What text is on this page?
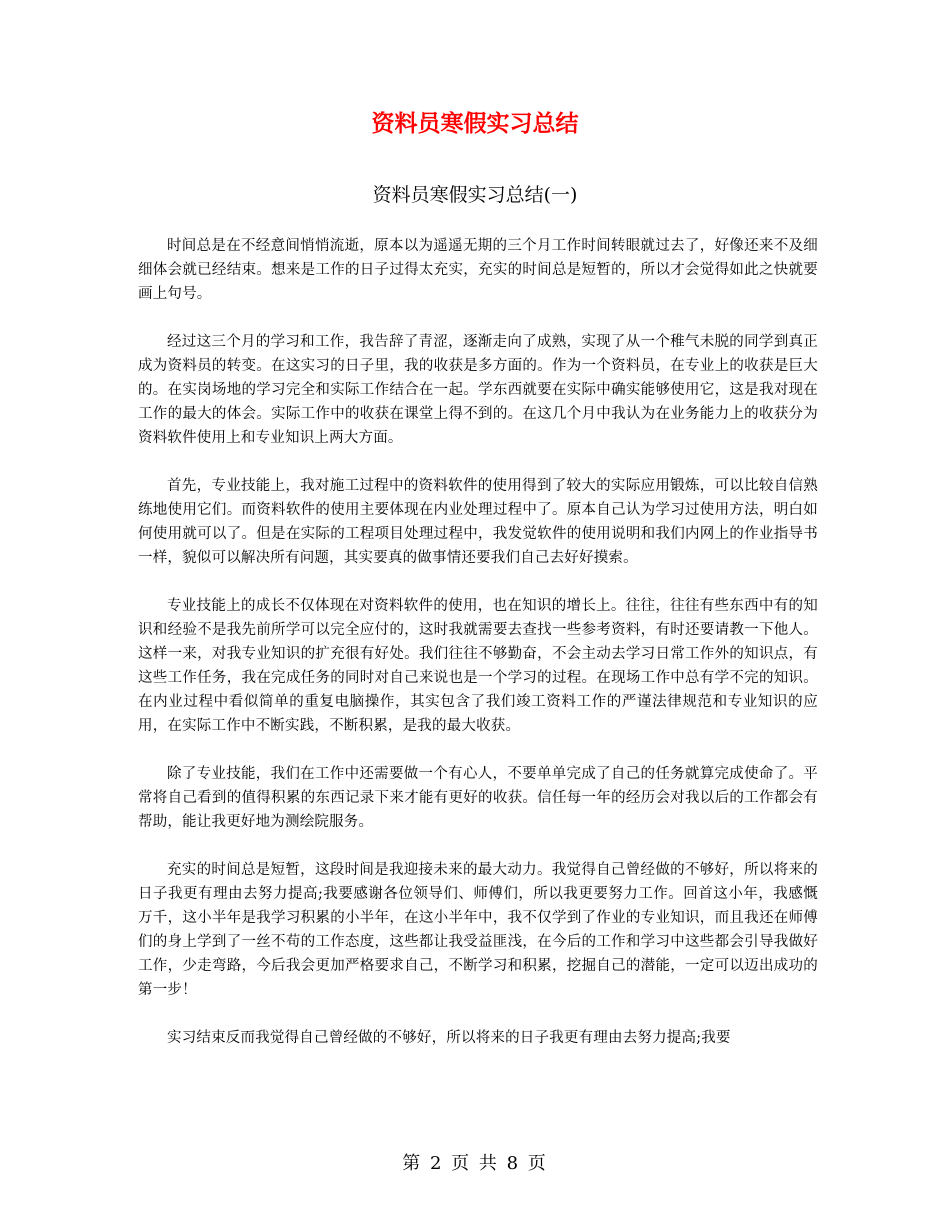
资料员寒假实习总结
资料员寒假实习总结(一)

时间总是在不经意间悄悄流逝，原本以为遥遥无期的三个月工作时间转眼就过去了，好像还来不及细细体会就已经结束。想来是工作的日子过得太充实，充实的时间总是短暂的，所以才会觉得如此之快就要画上句号。

经过这三个月的学习和工作，我告辞了青涩，逐渐走向了成熟，实现了从一个稚气未脱的同学到真正成为资料员的转变。在这实习的日子里，我的收获是多方面的。作为一个资料员，在专业上的收获是巨大的。在实岗场地的学习完全和实际工作结合在一起。学东西就要在实际中确实能够使用它，这是我对现在工作的最大的体会。实际工作中的收获在课堂上得不到的。在这几个月中我认为在业务能力上的收获分为资料软件使用上和专业知识上两大方面。

首先，专业技能上，我对施工过程中的资料软件的使用得到了较大的实际应用锻炼，可以比较自信熟练地使用它们。而资料软件的使用主要体现在内业处理过程中了。原本自己认为学习过使用方法，明白如何使用就可以了。但是在实际的工程项目处理过程中，我发觉软件的使用说明和我们内网上的作业指导书一样，貌似可以解决所有问题，其实要真的做事情还要我们自己去好好摸索。

专业技能上的成长不仅体现在对资料软件的使用，也在知识的增长上。往往，往往有些东西中有的知识和经验不是我先前所学可以完全应付的，这时我就需要去查找一些参考资料，有时还要请教一下他人。这样一来，对我专业知识的扩充很有好处。我们往往不够勤奋，不会主动去学习日常工作外的知识点，有这些工作任务，我在完成任务的同时对自己来说也是一个学习的过程。在现场工作中总有学不完的知识。在内业过程中看似简单的重复电脑操作，其实包含了我们竣工资料工作的严谨法律规范和专业知识的应用，在实际工作中不断实践，不断积累，是我的最大收获。

除了专业技能，我们在工作中还需要做一个有心人，不要单单完成了自己的任务就算完成使命了。平常将自己看到的值得积累的东西记录下来才能有更好的收获。信任每一年的经历会对我以后的工作都会有帮助，能让我更好地为测绘院服务。

充实的时间总是短暂，这段时间是我迎接未来的最大动力。我觉得自己曾经做的不够好，所以将来的日子我更有理由去努力提高;我要感谢各位领导们、师傅们，所以我更要努力工作。回首这小年，我感慨万千，这小半年是我学习积累的小半年，在这小半年中，我不仅学到了作业的专业知识，而且我还在师傅们的身上学到了一丝不苟的工作态度，这些都让我受益匪浅，在今后的工作和学习中这些都会引导我做好工作，少走弯路，今后我会更加严格要求自己，不断学习和积累，挖掘自己的潜能，一定可以迈出成功的第一步！

实习结束反而我觉得自己曾经做的不够好，所以将来的日子我更有理由去努力提高;我要

第 2 页 共 8 页
